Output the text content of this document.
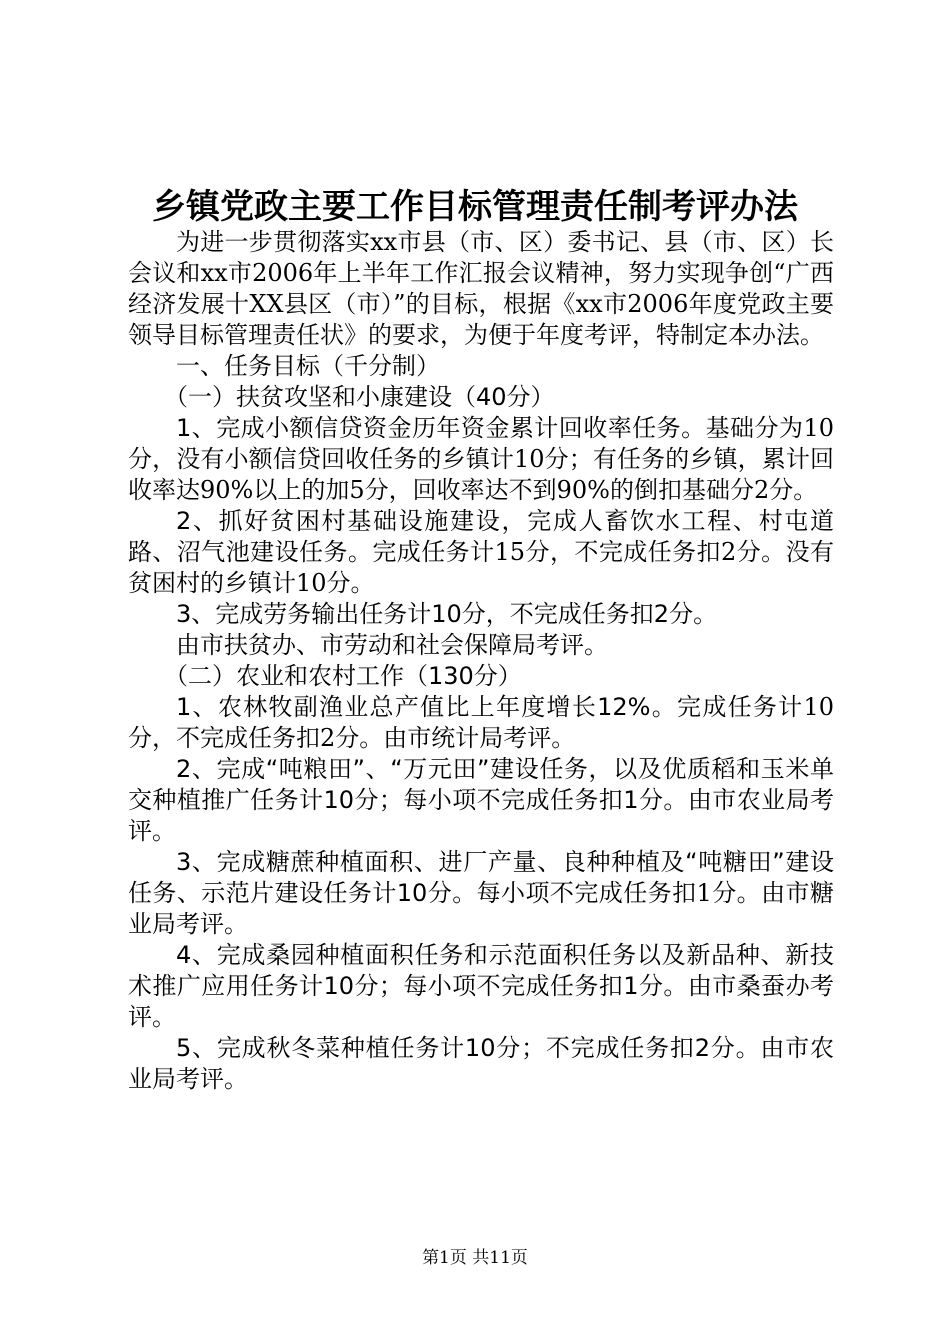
乡镇党政主要工作目标管理责任制考评办法

为进一步贯彻落实xx市县（市、区）委书记、县（市、区）长会议和xx市2006年上半年工作汇报会议精神，努力实现争创“广西经济发展十XX县区（市）”的目标，根据《xx市2006年度党政主要领导目标管理责任状》的要求，为便于年度考评，特制定本办法。

一、任务目标（千分制）

（一）扶贫攻坚和小康建设（40分）

1、完成小额信贷资金历年资金累计回收率任务。基础分为10分，没有小额信贷回收任务的乡镇计10分；有任务的乡镇，累计回收率达90%以上的加5分，回收率达不到90%的倒扣基础分2分。

2、抓好贫困村基础设施建设，完成人畜饮水工程、村屯道路、沼气池建设任务。完成任务计15分，不完成任务扣2分。没有贫困村的乡镇计10分。

3、完成劳务输出任务计10分，不完成任务扣2分。

由市扶贫办、市劳动和社会保障局考评。

（二）农业和农村工作（130分）

1、农林牧副渔业总产值比上年度增长12%。完成任务计10分，不完成任务扣2分。由市统计局考评。

2、完成“吨粮田”、“万元田”建设任务，以及优质稻和玉米单交种植推广任务计10分；每小项不完成任务扣1分。由市农业局考评。

3、完成糖蔗种植面积、进厂产量、良种种植及“吨糖田”建设任务、示范片建设任务计10分。每小项不完成任务扣1分。由市糖业局考评。

4、完成桑园种植面积任务和示范面积任务以及新品种、新技术推广应用任务计10分；每小项不完成任务扣1分。由市桑蚕办考评。

5、完成秋冬菜种植任务计10分；不完成任务扣2分。由市农业局考评。

第1页 共11页
